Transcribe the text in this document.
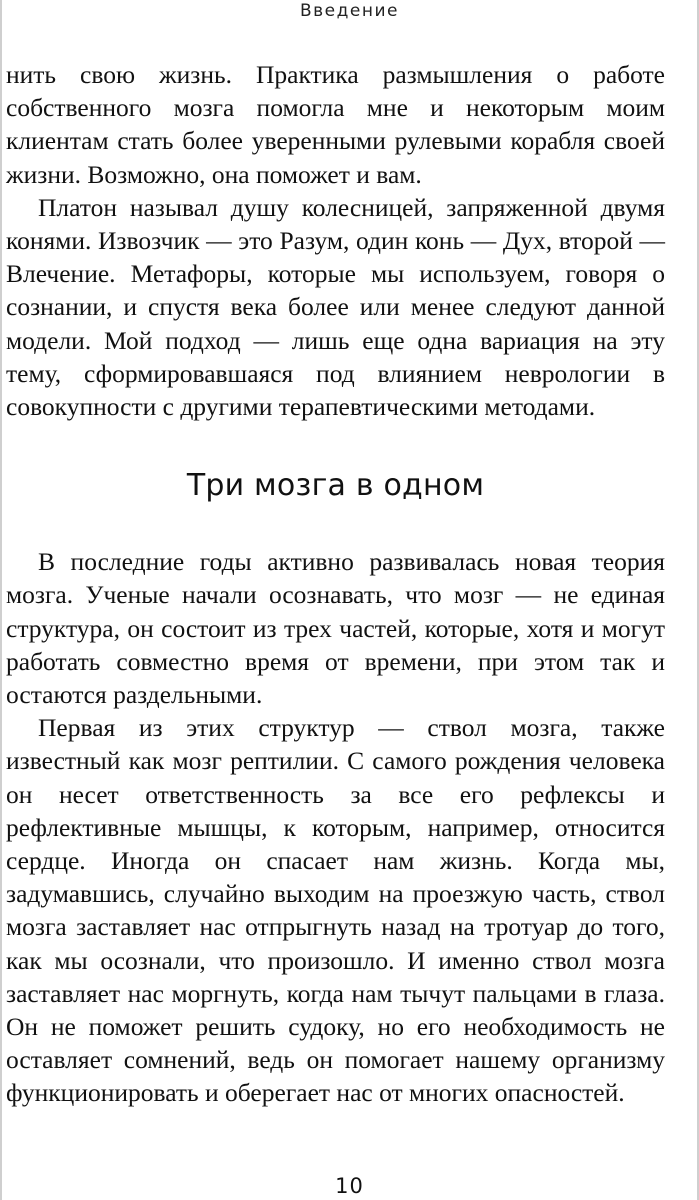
Введение

нить свою жизнь. Практика размышления о работе собственного мозга помогла мне и некоторым моим клиентам стать более уверенными рулевыми корабля своей жизни. Возможно, она поможет и вам.

Платон называл душу колесницей, запряженной двумя конями. Извозчик — это Разум, один конь — Дух, второй — Влечение. Метафоры, которые мы используем, говоря о сознании, и спустя века более или менее следуют данной модели. Мой подход — лишь еще одна вариация на эту тему, сформировавшаяся под влиянием неврологии в совокупности с другими терапевтическими методами.

Три мозга в одном

В последние годы активно развивалась новая теория мозга. Ученые начали осознавать, что мозг — не единая структура, он состоит из трех частей, которые, хотя и могут работать совместно время от времени, при этом так и остаются раздельными.

Первая из этих структур — ствол мозга, также известный как мозг рептилии. С самого рождения человека он несет ответственность за все его рефлексы и рефлективные мышцы, к которым, например, относится сердце. Иногда он спасает нам жизнь. Когда мы, задумавшись, случайно выходим на проезжую часть, ствол мозга заставляет нас отпрыгнуть назад на тротуар до того, как мы осознали, что произошло. И именно ствол мозга заставляет нас моргнуть, когда нам тычут пальцами в глаза. Он не поможет решить судоку, но его необходимость не оставляет сомнений, ведь он помогает нашему организму функционировать и оберегает нас от многих опасностей.

10
